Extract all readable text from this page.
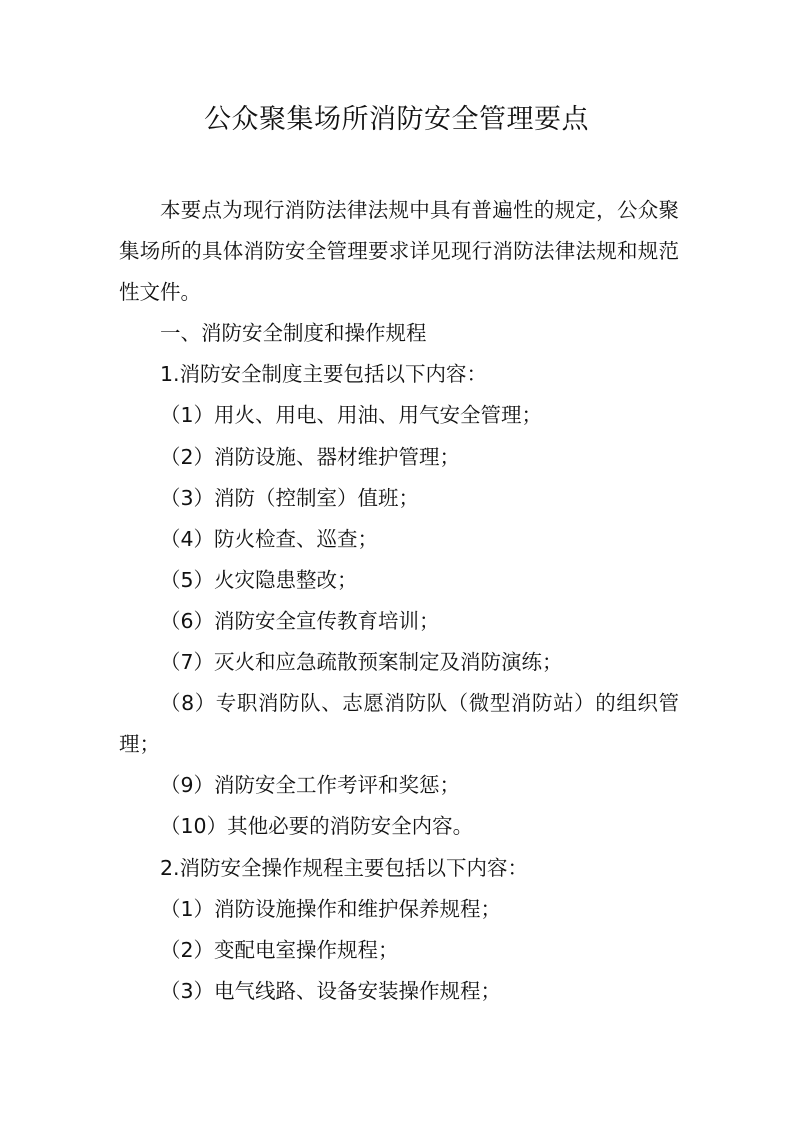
公众聚集场所消防安全管理要点

本要点为现行消防法律法规中具有普遍性的规定，公众聚集场所的具体消防安全管理要求详见现行消防法律法规和规范性文件。

一、消防安全制度和操作规程

1.消防安全制度主要包括以下内容：

（1）用火、用电、用油、用气安全管理；

（2）消防设施、器材维护管理；

（3）消防（控制室）值班；

（4）防火检查、巡查；

（5）火灾隐患整改；

（6）消防安全宣传教育培训；

（7）灭火和应急疏散预案制定及消防演练；

（8）专职消防队、志愿消防队（微型消防站）的组织管理；

（9）消防安全工作考评和奖惩；

（10）其他必要的消防安全内容。

2.消防安全操作规程主要包括以下内容：

（1）消防设施操作和维护保养规程；

（2）变配电室操作规程；

（3）电气线路、设备安装操作规程；
